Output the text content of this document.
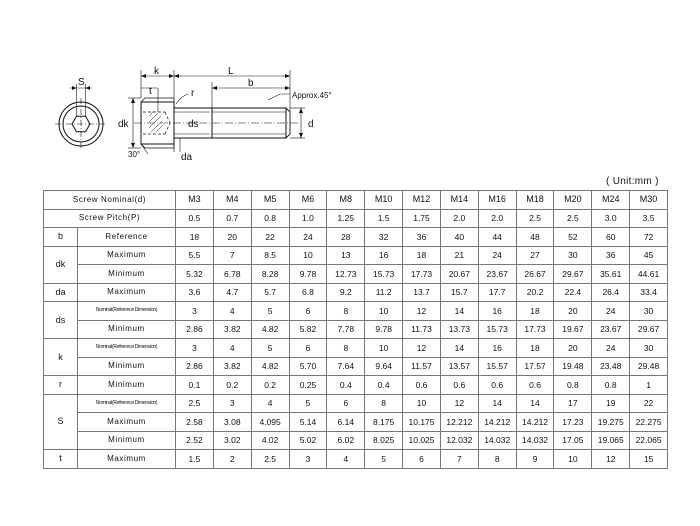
S
k	L
t	r
b
Approx.45°
dk	ds	d
30°	da
( Unit:mm )
Screw Nominal(d)		M3	M4	M5	M6	M8	M10	M12	M14	M16	M18	M20	M24	M30
Screw Pitch(P)		0.5	0.7	0.8	1.0	1.25	1.5	1.75	2.0	2.0	2.5	2.5	3.0	3.5
b	Reference	18	20	22	24	28	32	36	40	44	48	52	60	72
dk	Maximum	5.5	7	8.5	10	13	16	18	21	24	27	30	36	45
	Minimum	5.32	6.78	8.28	9.78	12.73	15.73	17.73	20.67	23.67	26.67	29.67	35.61	44.61
da	Maximum	3.6	4.7	5.7	6.8	9.2	11.2	13.7	15.7	17.7	20.2	22.4	26.4	33.4
ds	Nominal(Reference Dimension)	3	4	5	6	8	10	12	14	16	18	20	24	30
	Minimum	2.86	3.82	4.82	5.82	7.78	9.78	11.73	13.73	15.73	17.73	19.67	23.67	29.67
k	Nominal(Reference Dimension)	3	4	5	6	8	10	12	14	16	18	20	24	30
	Minimum	2.86	3.82	4.82	5.70	7.64	9.64	11.57	13.57	15.57	17.57	19.48	23.48	29.48
r	Minimum	0.1	0.2	0.2	0.25	0.4	0.4	0.6	0.6	0.6	0.6	0.8	0.8	1
S	Nominal(Reference Dimension)	2.5	3	4	5	6	8	10	12	14	14	17	19	22
	Maximum	2.58	3.08	4.095	5.14	6.14	8.175	10.175	12.212	14.212	14.212	17.23	19.275	22.275
	Minimum	2.52	3.02	4.02	5.02	6.02	8.025	10.025	12.032	14.032	14.032	17.05	19.065	22.065
t	Maximum	1.5	2	2.5	3	4	5	6	7	8	9	10	12	15
